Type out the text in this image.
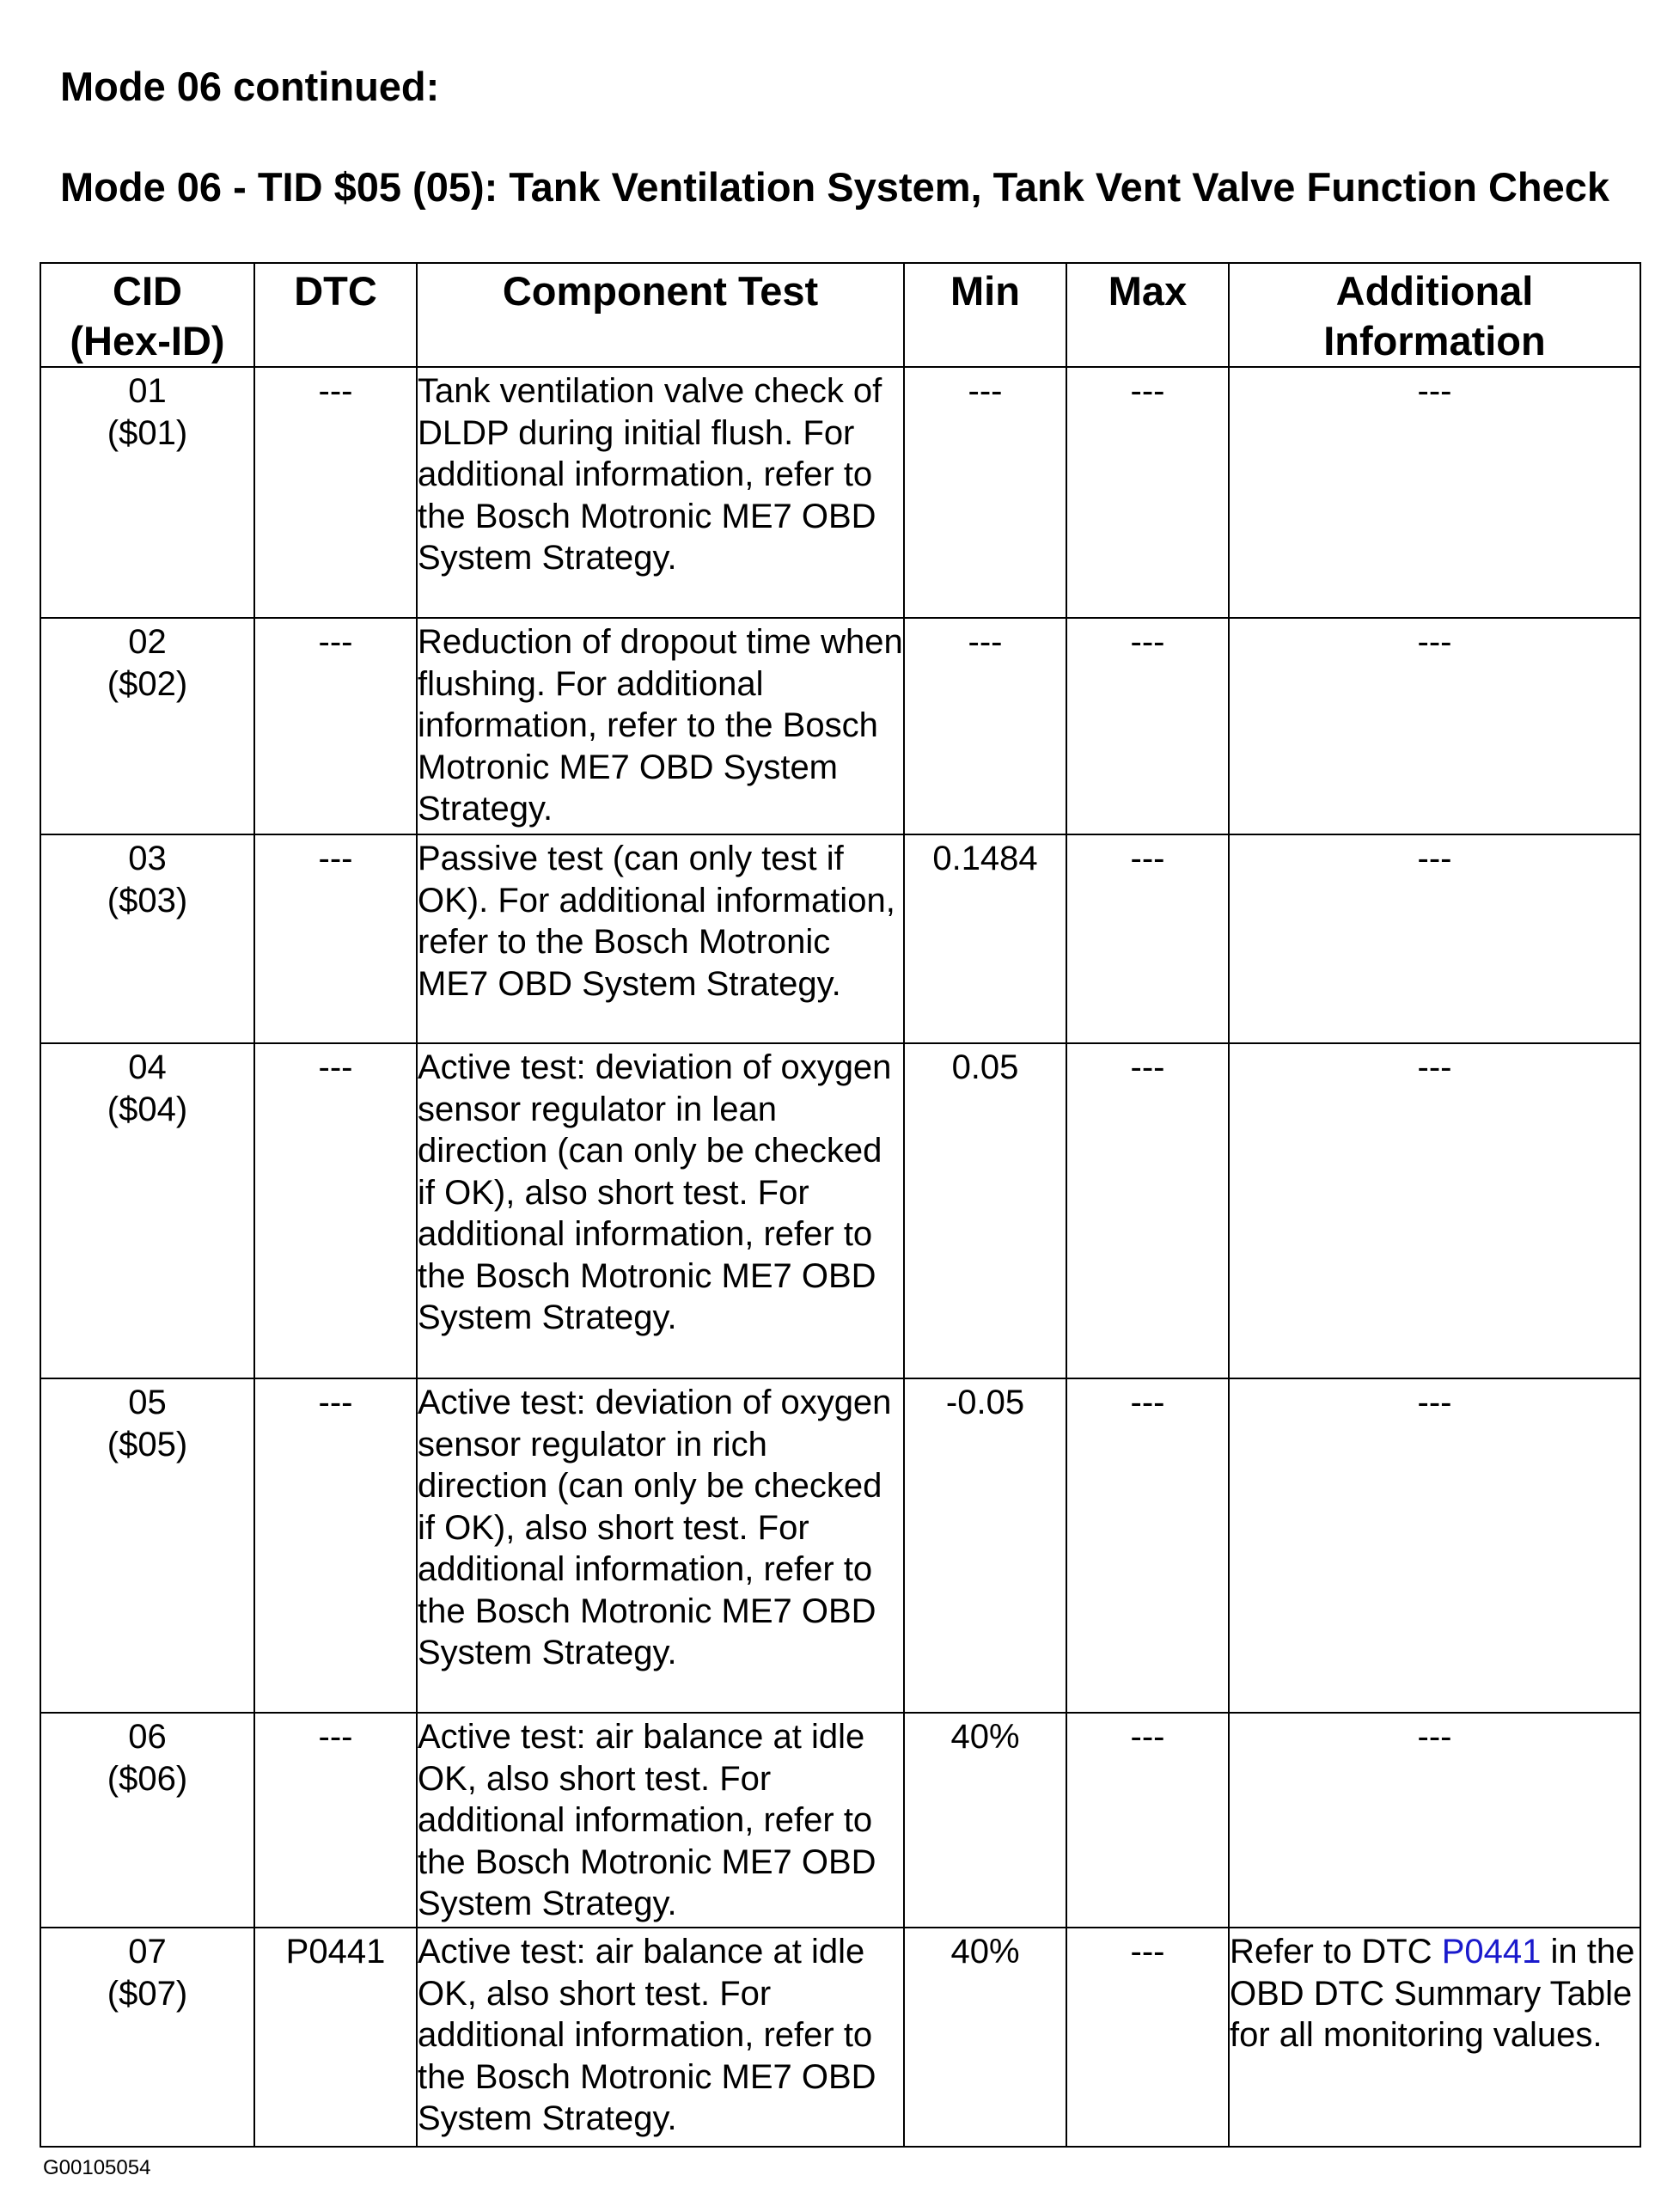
Mode 06 continued:
Mode 06 - TID $05 (05): Tank Ventilation System, Tank Vent Valve Function Check
CID
(Hex-ID)	DTC	Component Test	Min	Max	Additional
Information

01
($01)	---	Tank ventilation valve check of DLDP during initial flush. For additional information, refer to the Bosch Motronic ME7 OBD System Strategy.	---	---	---

02
($02)	---	Reduction of dropout time when flushing. For additional information, refer to the Bosch Motronic ME7 OBD System Strategy.	---	---	---

03
($03)	---	Passive test (can only test if OK). For additional information, refer to the Bosch Motronic ME7 OBD System Strategy.	0.1484	---	---

04
($04)	---	Active test: deviation of oxygen sensor regulator in lean direction (can only be checked if OK), also short test. For additional information, refer to the Bosch Motronic ME7 OBD System Strategy.	0.05	---	---

05
($05)	---	Active test: deviation of oxygen sensor regulator in rich direction (can only be checked if OK), also short test. For additional information, refer to the Bosch Motronic ME7 OBD System Strategy.	-0.05	---	---

06
($06)	---	Active test: air balance at idle OK, also short test. For additional information, refer to the Bosch Motronic ME7 OBD System Strategy.	40%	---	---

07
($07)	P0441	Active test: air balance at idle OK, also short test. For additional information, refer to the Bosch Motronic ME7 OBD System Strategy.	40%	---	Refer to DTC P0441 in the OBD DTC Summary Table for all monitoring values.
G00105054
